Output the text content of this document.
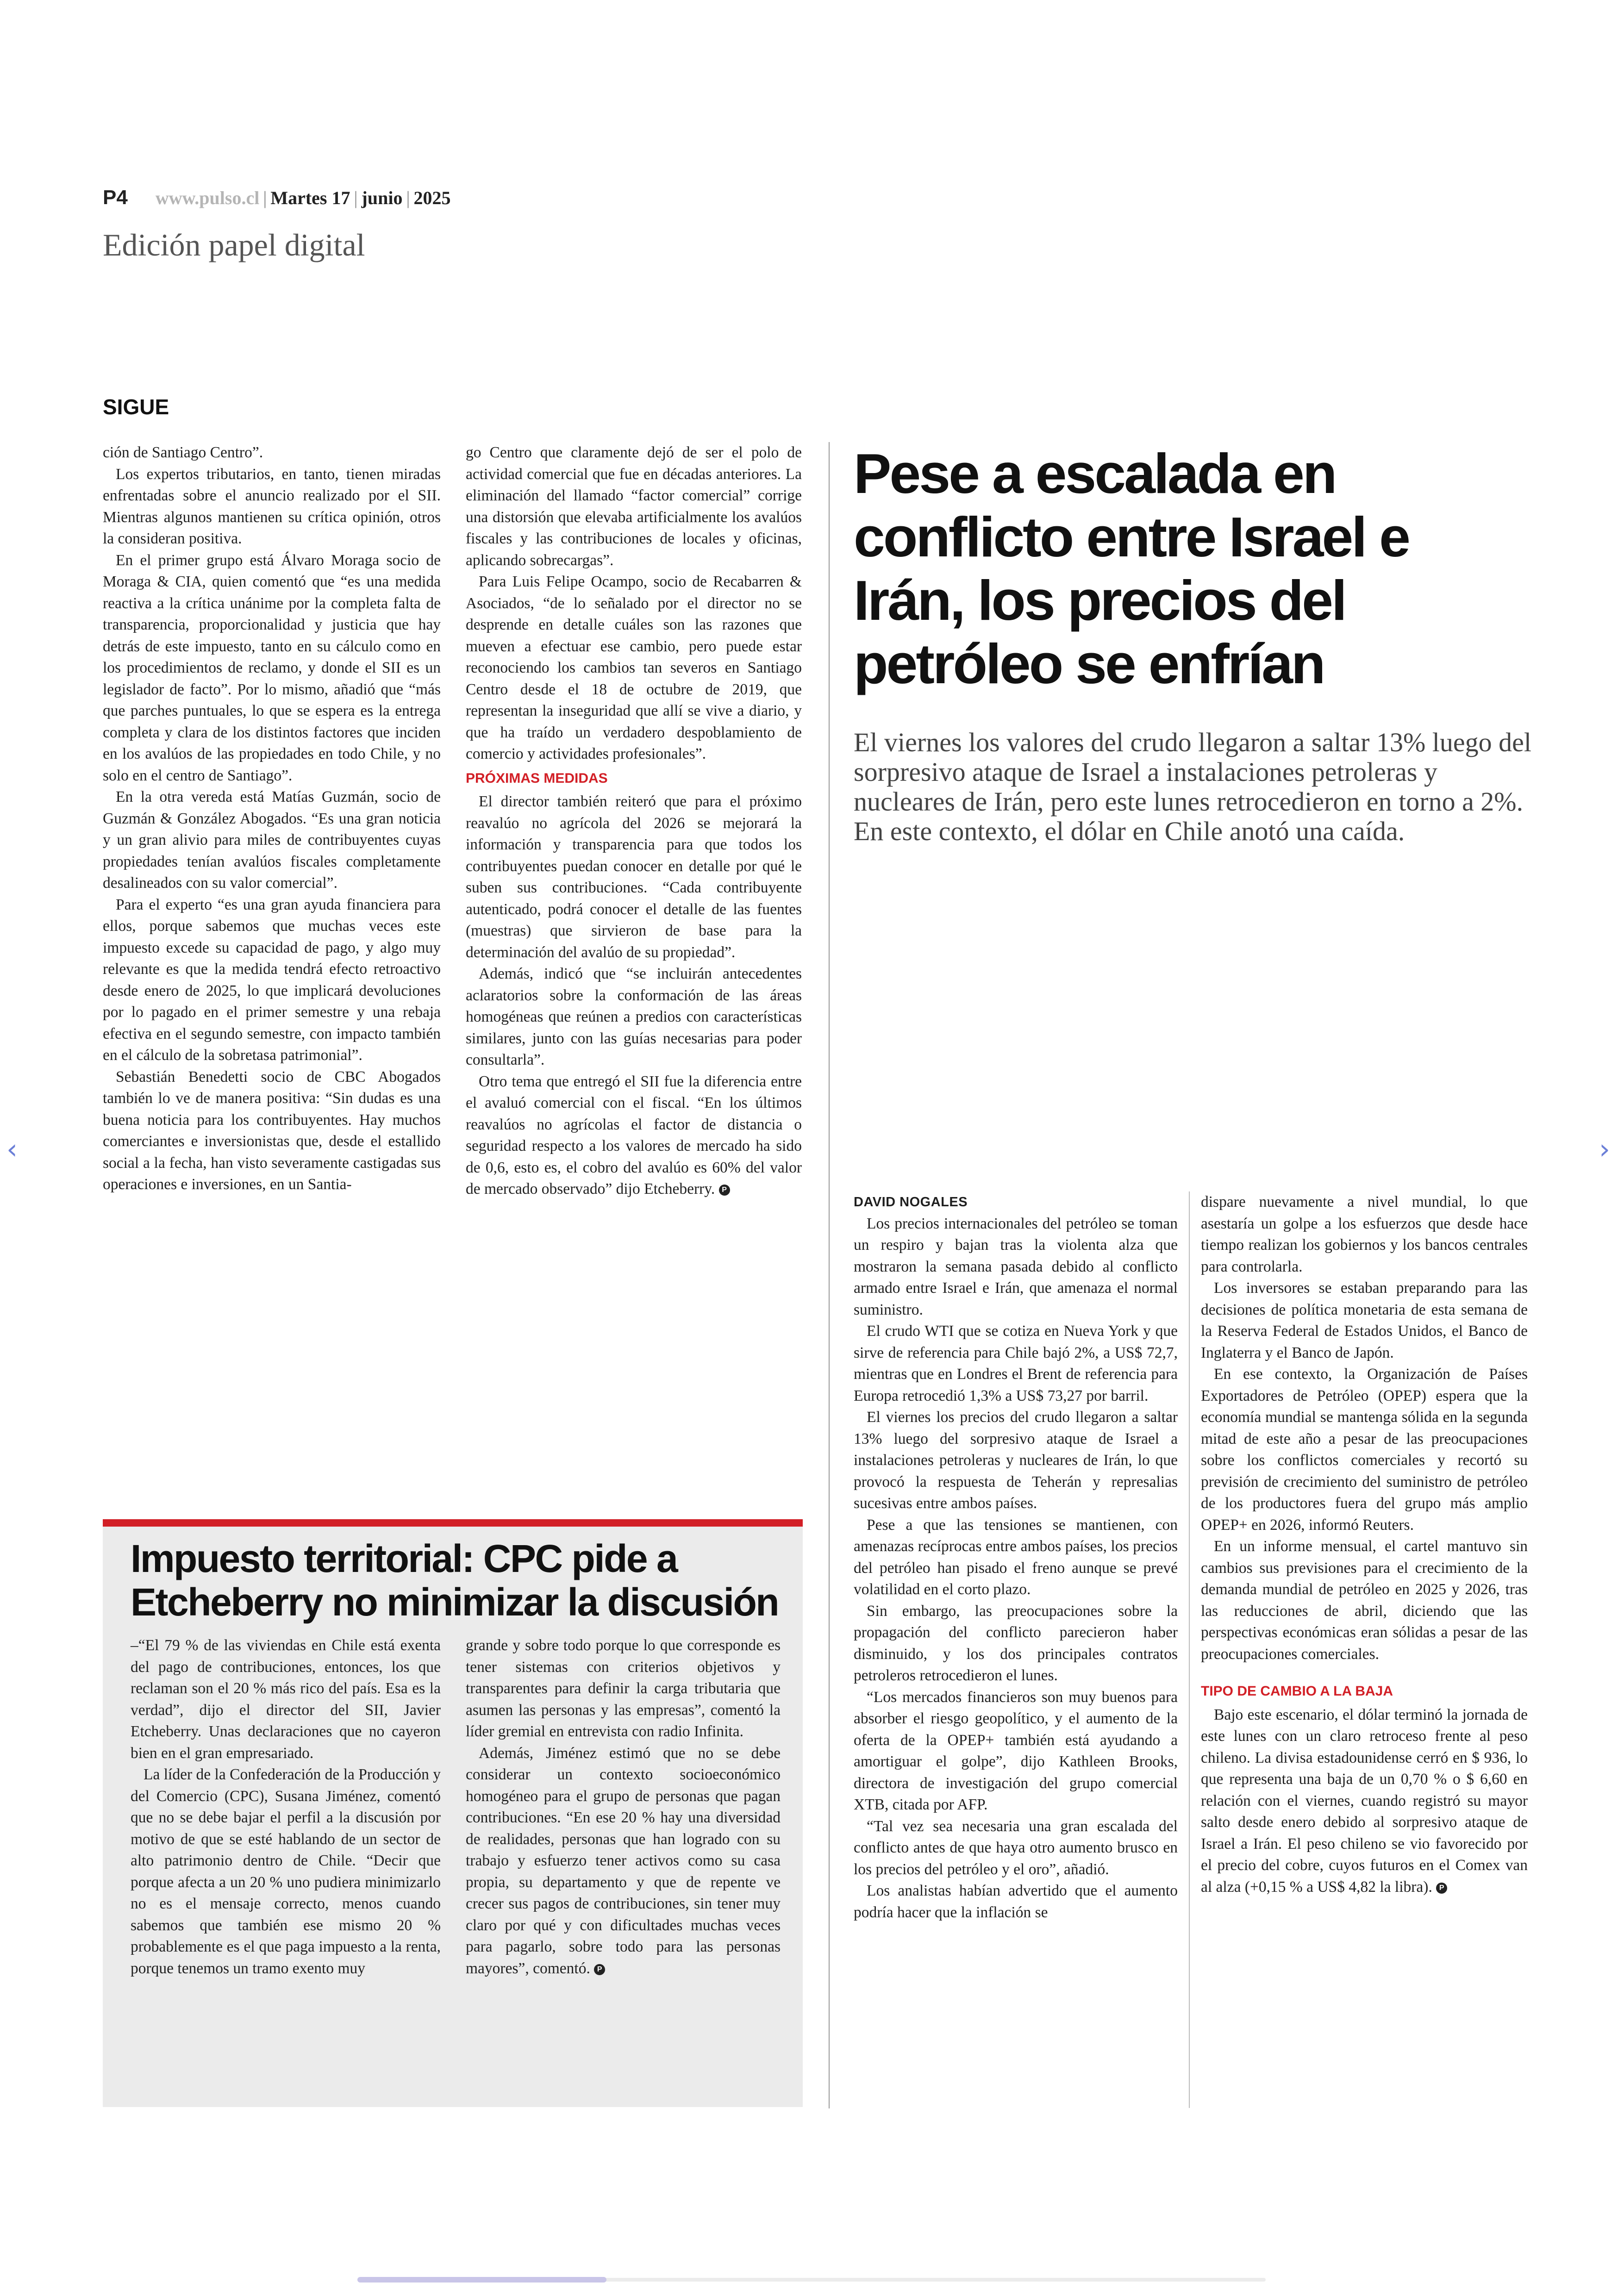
P4 www.pulso.cl | Martes 17 | junio | 2025
Edición papel digital
SIGUE

ción de Santiago Centro”.

Los expertos tributarios, en tanto, tienen miradas enfrentadas sobre el anuncio realizado por el SII. Mientras algunos mantienen su crítica opinión, otros la consideran positiva.

En el primer grupo está Álvaro Moraga socio de Moraga & CIA, quien comentó que “es una medida reactiva a la crítica unánime por la completa falta de transparencia, proporcionalidad y justicia que hay detrás de este impuesto, tanto en su cálculo como en los procedimientos de reclamo, y donde el SII es un legislador de facto”. Por lo mismo, añadió que “más que parches puntuales, lo que se espera es la entrega completa y clara de los distintos factores que inciden en los avalúos de las propiedades en todo Chile, y no solo en el centro de Santiago”.

En la otra vereda está Matías Guzmán, socio de Guzmán & González Abogados. “Es una gran noticia y un gran alivio para miles de contribuyentes cuyas propiedades tenían avalúos fiscales completamente desalineados con su valor comercial”.

Para el experto “es una gran ayuda financiera para ellos, porque sabemos que muchas veces este impuesto excede su capacidad de pago, y algo muy relevante es que la medida tendrá efecto retroactivo desde enero de 2025, lo que implicará devoluciones por lo pagado en el primer semestre y una rebaja efectiva en el segundo semestre, con impacto también en el cálculo de la sobretasa patrimonial”.

Sebastián Benedetti socio de CBC Abogados también lo ve de manera positiva: “Sin dudas es una buena noticia para los contribuyentes. Hay muchos comerciantes e inversionistas que, desde el estallido social a la fecha, han visto severamente castigadas sus operaciones e inversiones, en un Santia-

go Centro que claramente dejó de ser el polo de actividad comercial que fue en décadas anteriores. La eliminación del llamado “factor comercial” corrige una distorsión que elevaba artificialmente los avalúos fiscales y las contribuciones de locales y oficinas, aplicando sobrecargas”.

Para Luis Felipe Ocampo, socio de Recabarren & Asociados, “de lo señalado por el director no se desprende en detalle cuáles son las razones que mueven a efectuar ese cambio, pero puede estar reconociendo los cambios tan severos en Santiago Centro desde el 18 de octubre de 2019, que representan la inseguridad que allí se vive a diario, y que ha traído un verdadero despoblamiento de comercio y actividades profesionales”.

PRÓXIMAS MEDIDAS

El director también reiteró que para el próximo reavalúo no agrícola del 2026 se mejorará la información y transparencia para que todos los contribuyentes puedan conocer en detalle por qué le suben sus contribuciones. “Cada contribuyente autenticado, podrá conocer el detalle de las fuentes (muestras) que sirvieron de base para la determinación del avalúo de su propiedad”.

Además, indicó que “se incluirán antecedentes aclaratorios sobre la conformación de las áreas homogéneas que reúnen a predios con características similares, junto con las guías necesarias para poder consultarla”.

Otro tema que entregó el SII fue la diferencia entre el avaluó comercial con el fiscal. “En los últimos reavalúos no agrícolas el factor de distancia o seguridad respecto a los valores de mercado ha sido de 0,6, esto es, el cobro del avalúo es 60% del valor de mercado observado” dijo Etcheberry. P

Pese a escalada en conflicto entre Israel e Irán, los precios del petróleo se enfrían
El viernes los valores del crudo llegaron a saltar 13% luego del sorpresivo ataque de Israel a instalaciones petroleras y nucleares de Irán, pero este lunes retrocedieron en torno a 2%. En este contexto, el dólar en Chile anotó una caída.
DAVID NOGALES

Los precios internacionales del petróleo se toman un respiro y bajan tras la violenta alza que mostraron la semana pasada debido al conflicto armado entre Israel e Irán, que amenaza el normal suministro.

El crudo WTI que se cotiza en Nueva York y que sirve de referencia para Chile bajó 2%, a US$ 72,7, mientras que en Londres el Brent de referencia para Europa retrocedió 1,3% a US$ 73,27 por barril.

El viernes los precios del crudo llegaron a saltar 13% luego del sorpresivo ataque de Israel a instalaciones petroleras y nucleares de Irán, lo que provocó la respuesta de Teherán y represalias sucesivas entre ambos países.

Pese a que las tensiones se mantienen, con amenazas recíprocas entre ambos países, los precios del petróleo han pisado el freno aunque se prevé volatilidad en el corto plazo.

Sin embargo, las preocupaciones sobre la propagación del conflicto parecieron haber disminuido, y los dos principales contratos petroleros retrocedieron el lunes.

“Los mercados financieros son muy buenos para absorber el riesgo geopolítico, y el aumento de la oferta de la OPEP+ también está ayudando a amortiguar el golpe”, dijo Kathleen Brooks, directora de investigación del grupo comercial XTB, citada por AFP.

“Tal vez sea necesaria una gran escalada del conflicto antes de que haya otro aumento brusco en los precios del petróleo y el oro”, añadió.

Los analistas habían advertido que el aumento podría hacer que la inflación se

dispare nuevamente a nivel mundial, lo que asestaría un golpe a los esfuerzos que desde hace tiempo realizan los gobiernos y los bancos centrales para controlarla.

Los inversores se estaban preparando para las decisiones de política monetaria de esta semana de la Reserva Federal de Estados Unidos, el Banco de Inglaterra y el Banco de Japón.

En ese contexto, la Organización de Países Exportadores de Petróleo (OPEP) espera que la economía mundial se mantenga sólida en la segunda mitad de este año a pesar de las preocupaciones sobre los conflictos comerciales y recortó su previsión de crecimiento del suministro de petróleo de los productores fuera del grupo más amplio OPEP+ en 2026, informó Reuters.

En un informe mensual, el cartel mantuvo sin cambios sus previsiones para el crecimiento de la demanda mundial de petróleo en 2025 y 2026, tras las reducciones de abril, diciendo que las perspectivas económicas eran sólidas a pesar de las preocupaciones comerciales.

TIPO DE CAMBIO A LA BAJA

Bajo este escenario, el dólar terminó la jornada de este lunes con un claro retroceso frente al peso chileno. La divisa estadounidense cerró en $ 936, lo que representa una baja de un 0,70 % o $ 6,60 en relación con el viernes, cuando registró su mayor salto desde enero debido al sorpresivo ataque de Israel a Irán. El peso chileno se vio favorecido por el precio del cobre, cuyos futuros en el Comex van al alza (+0,15 % a US$ 4,82 la libra). P

Impuesto territorial: CPC pide a Etcheberry no minimizar la discusión

–“El 79 % de las viviendas en Chile está exenta del pago de contribuciones, entonces, los que reclaman son el 20 % más rico del país. Esa es la verdad”, dijo el director del SII, Javier Etcheberry. Unas declaraciones que no cayeron bien en el gran empresariado.

La líder de la Confederación de la Producción y del Comercio (CPC), Susana Jiménez, comentó que no se debe bajar el perfil a la discusión por motivo de que se esté hablando de un sector de alto patrimonio dentro de Chile. “Decir que porque afecta a un 20 % uno pudiera minimizarlo no es el mensaje correcto, menos cuando sabemos que también ese mismo 20 % probablemente es el que paga impuesto a la renta, porque tenemos un tramo exento muy

grande y sobre todo porque lo que corresponde es tener sistemas con criterios objetivos y transparentes para definir la carga tributaria que asumen las personas y las empresas”, comentó la líder gremial en entrevista con radio Infinita.

Además, Jiménez estimó que no se debe considerar un contexto socioeconómico homogéneo para el grupo de personas que pagan contribuciones. “En ese 20 % hay una diversidad de realidades, personas que han logrado con su trabajo y esfuerzo tener activos como su casa propia, su departamento y que de repente ve crecer sus pagos de contribuciones, sin tener muy claro por qué y con dificultades muchas veces para pagarlo, sobre todo para las personas mayores”, comentó. P

‹	›
